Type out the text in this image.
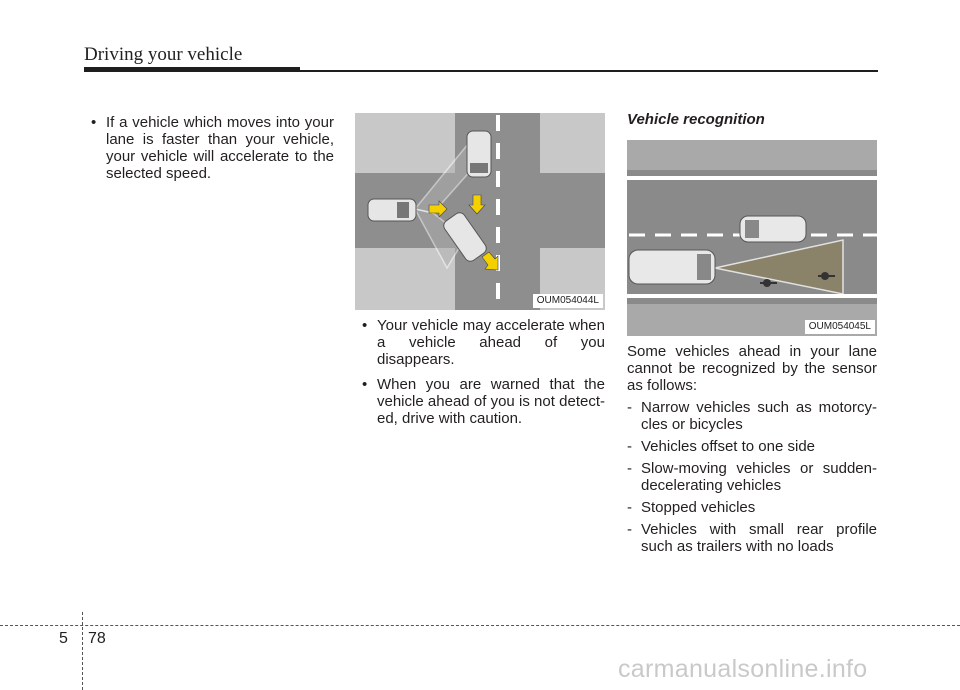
Driving your vehicle
• If a vehicle which moves into your lane is faster than your vehicle, your vehicle will accelerate to the selected speed.
OUM054044L
• Your vehicle may accelerate when a vehicle ahead of you disappears.
• When you are warned that the vehicle ahead of you is not detect-ed, drive with caution.
Vehicle recognition
OUM054045L
Some vehicles ahead in your lane cannot be recognized by the sensor as follows:
- Narrow vehicles such as motorcy-cles or bicycles
- Vehicles offset to one side
- Slow-moving vehicles or sudden-decelerating vehicles
- Stopped vehicles
- Vehicles with small rear profile such as trailers with no loads
5 78
carmanualsonline.info
